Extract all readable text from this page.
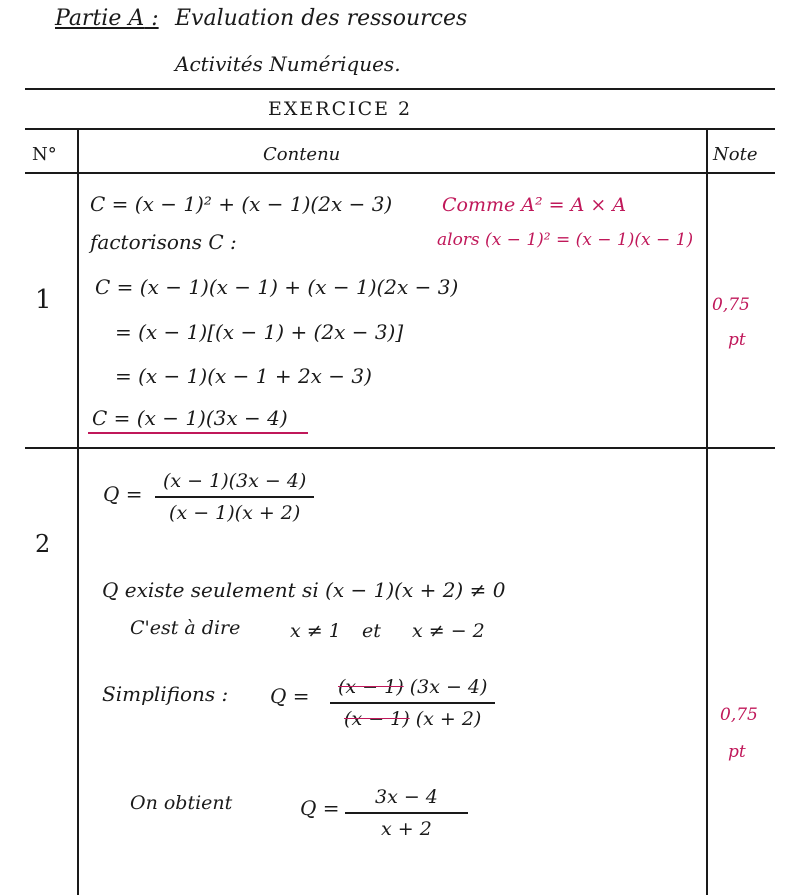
Partie A : Evaluation des ressources
Activités Numériques.
EXERCICE 2
N°	Contenu	Note
1
C = (x − 1)² + (x − 1)(2x − 3)
factorisons C :
C = (x − 1)(x − 1) + (x − 1)(2x − 3)
= (x − 1)[(x − 1) + (2x − 3)]
= (x − 1)(x − 1 + 2x − 3)
C = (x − 1)(3x − 4)
Comme A² = A × A
alors (x − 1)² = (x − 1)(x − 1)
0,75
pt
2
Q =
(x − 1)(3x − 4)
(x − 1)(x + 2)
Q existe seulement si (x − 1)(x + 2) ≠ 0
C'est à dire	x ≠ 1 et x ≠ − 2
Simplifions : Q =	(x − 1) (3x − 4)
(x − 1) (x + 2)
On obtient	Q =	3x − 4
x + 2
0,75
pt
